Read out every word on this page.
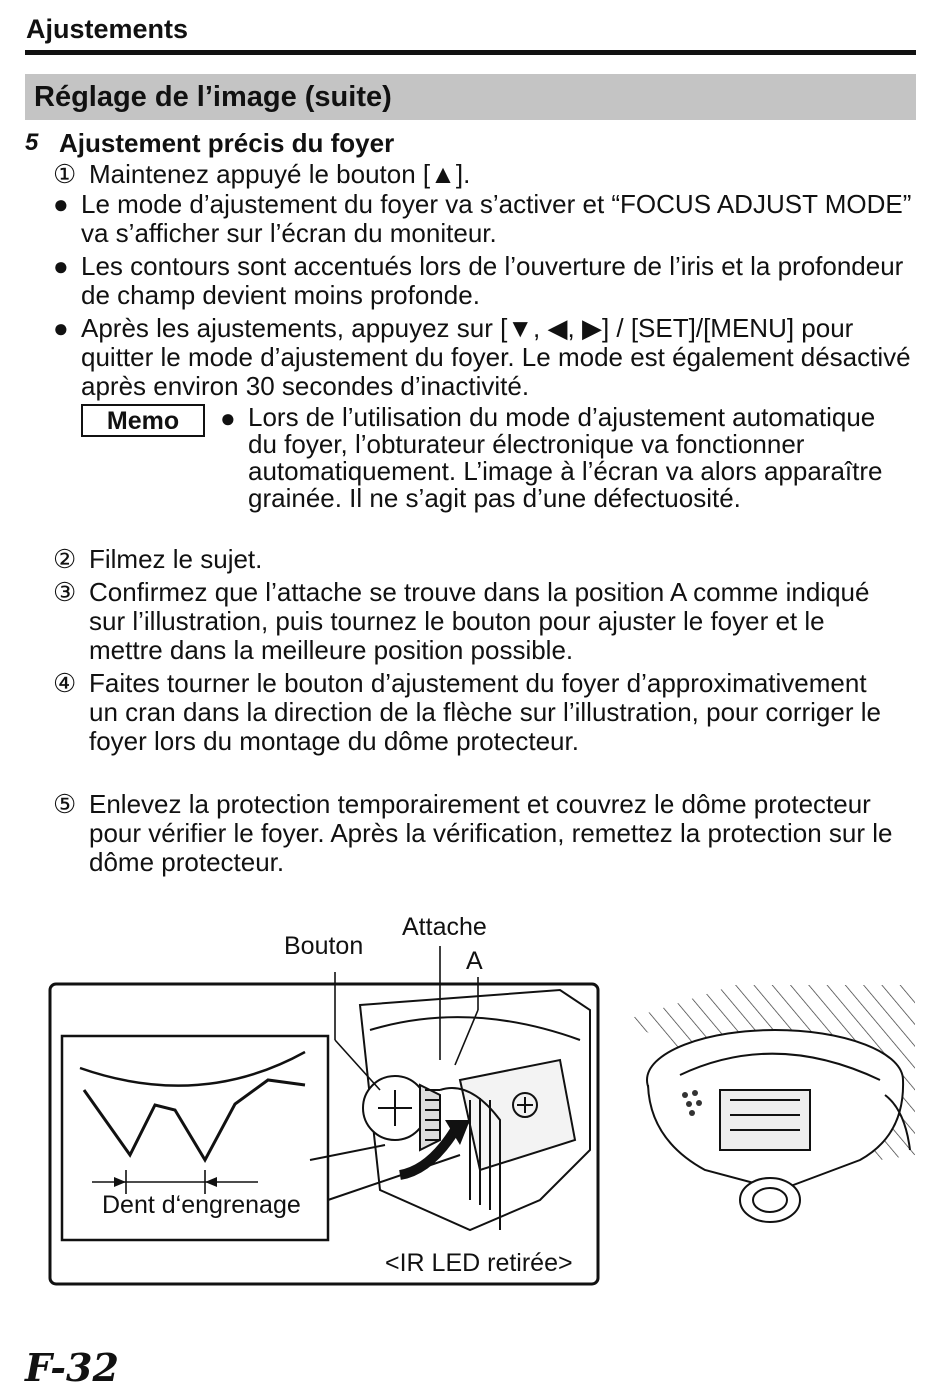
Ajustements
Réglage de l’image (suite)
5 Ajustement précis du foyer
① Maintenez appuyé le bouton [▲].
● Le mode d’ajustement du foyer va s’activer et “FOCUS ADJUST MODE” va s’afficher sur l’écran du moniteur.
● Les contours sont accentués lors de l’ouverture de l’iris et la profondeur de champ devient moins profonde.
● Après les ajustements, appuyez sur [▼, ◀, ▶] / [SET]/[MENU] pour quitter le mode d’ajustement du foyer. Le mode est également désactivé après environ 30 secondes d’inactivité.
Memo	● Lors de l’utilisation du mode d’ajustement automatique du foyer, l’obturateur électronique va fonctionner automatiquement. L’image à l’écran va alors apparaître grainée. Il ne s’agit pas d’une défectuosité.
② Filmez le sujet.
③ Confirmez que l’attache se trouve dans la position A comme indiqué sur l’illustration, puis tournez le bouton pour ajuster le foyer et le mettre dans la meilleure position possible.
④ Faites tourner le bouton d’ajustement du foyer d’approximativement un cran dans la direction de la flèche sur l’illustration, pour corriger le foyer lors du montage du dôme protecteur.
⑤ Enlevez la protection temporairement et couvrez le dôme protecteur pour vérifier le foyer. Après la vérification, remettez la protection sur le dôme protecteur.
Bouton
Attache
A
Dent d‘engrenage
<IR LED retirée>
F-32
